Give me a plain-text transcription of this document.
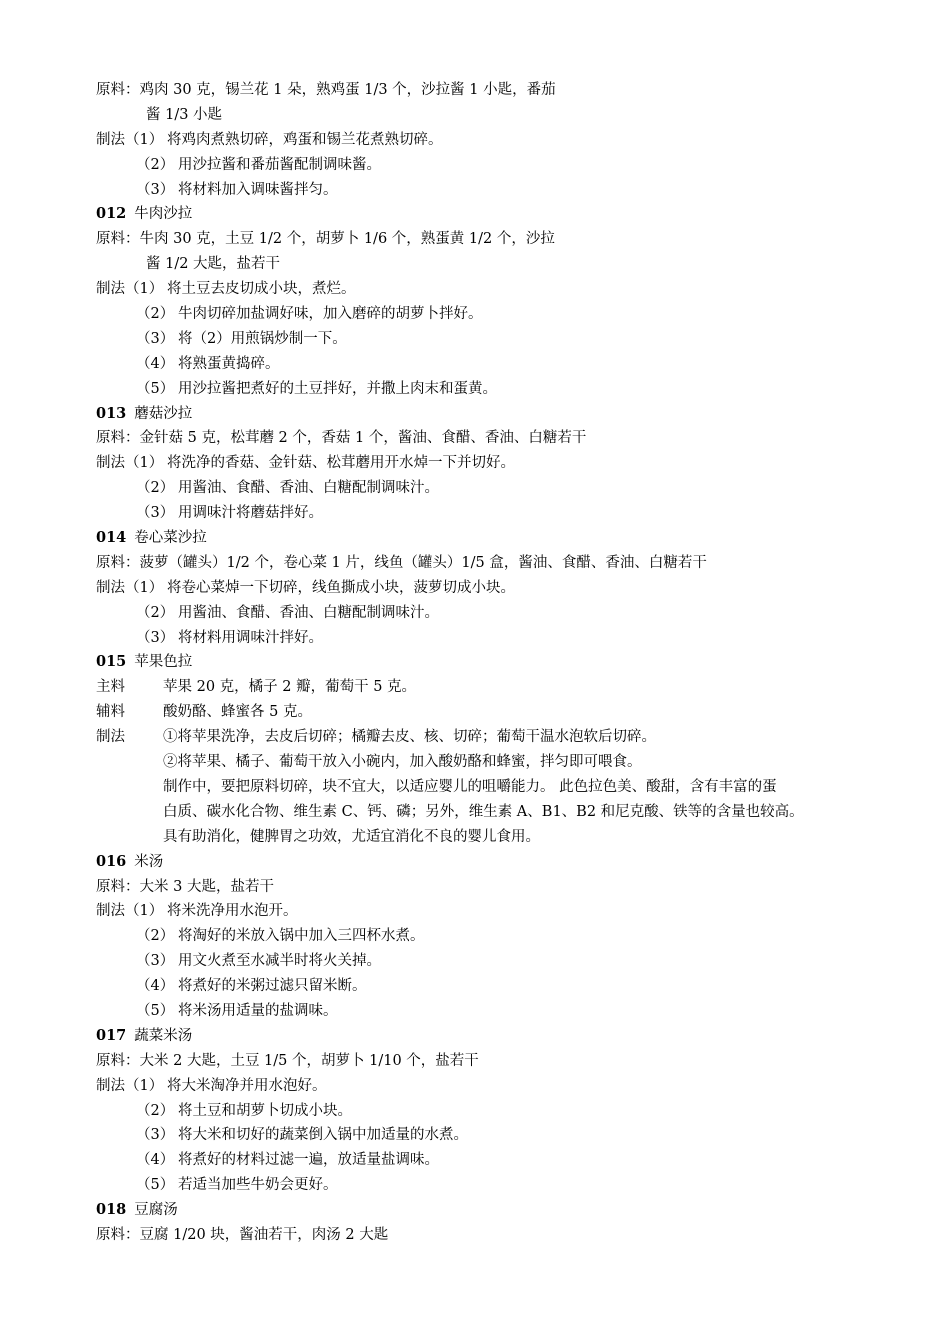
原料：鸡肉 30 克，锡兰花 1 朵，熟鸡蛋 1/3 个，沙拉酱 1 小匙，番茄
酱 1/3 小匙
制法（1） 将鸡肉煮熟切碎，鸡蛋和锡兰花煮熟切碎。
（2） 用沙拉酱和番茄酱配制调味酱。
（3） 将材料加入调味酱拌匀。
012 牛肉沙拉
原料：牛肉 30 克，土豆 1/2 个，胡萝卜 1/6 个，熟蛋黄 1/2 个，沙拉
酱 1/2 大匙，盐若干
制法（1） 将土豆去皮切成小块，煮烂。
（2） 牛肉切碎加盐调好味，加入磨碎的胡萝卜拌好。
（3） 将（2）用煎锅炒制一下。
（4） 将熟蛋黄捣碎。
（5） 用沙拉酱把煮好的土豆拌好，并撒上肉末和蛋黄。
013 蘑菇沙拉
原料：金针菇 5 克，松茸蘑 2 个，香菇 1 个，酱油、食醋、香油、白糖若干
制法（1） 将洗净的香菇、金针菇、松茸蘑用开水焯一下并切好。
（2） 用酱油、食醋、香油、白糖配制调味汁。
（3） 用调味汁将蘑菇拌好。
014 卷心菜沙拉
原料：菠萝（罐头）1/2 个，卷心菜 1 片，线鱼（罐头）1/5 盒，酱油、食醋、香油、白糖若干
制法（1） 将卷心菜焯一下切碎，线鱼撕成小块，菠萝切成小块。
（2） 用酱油、食醋、香油、白糖配制调味汁。
（3） 将材料用调味汁拌好。
015 苹果色拉
主料	苹果 20 克，橘子 2 瓣，葡萄干 5 克。
辅料	酸奶酪、蜂蜜各 5 克。
制法	①将苹果洗净，去皮后切碎；橘瓣去皮、核、切碎；葡萄干温水泡软后切碎。
②将苹果、橘子、葡萄干放入小碗内，加入酸奶酪和蜂蜜，拌匀即可喂食。
制作中，要把原料切碎，块不宜大，以适应婴儿的咀嚼能力。 此色拉色美、酸甜，含有丰富的蛋
白质、碳水化合物、维生素 C、钙、磷；另外，维生素 A、B1、B2 和尼克酸、铁等的含量也较高。
具有助消化，健脾胃之功效，尤适宜消化不良的婴儿食用。
016 米汤
原料：大米 3 大匙，盐若干
制法（1） 将米洗净用水泡开。
（2） 将淘好的米放入锅中加入三四杯水煮。
（3） 用文火煮至水减半时将火关掉。
（4） 将煮好的米粥过滤只留米断。
（5） 将米汤用适量的盐调味。
017 蔬菜米汤
原料：大米 2 大匙，土豆 1/5 个，胡萝卜 1/10 个，盐若干
制法（1） 将大米淘净并用水泡好。
（2） 将土豆和胡萝卜切成小块。
（3） 将大米和切好的蔬菜倒入锅中加适量的水煮。
（4） 将煮好的材料过滤一遍，放适量盐调味。
（5） 若适当加些牛奶会更好。
018 豆腐汤
原料：豆腐 1/20 块，酱油若干，肉汤 2 大匙
